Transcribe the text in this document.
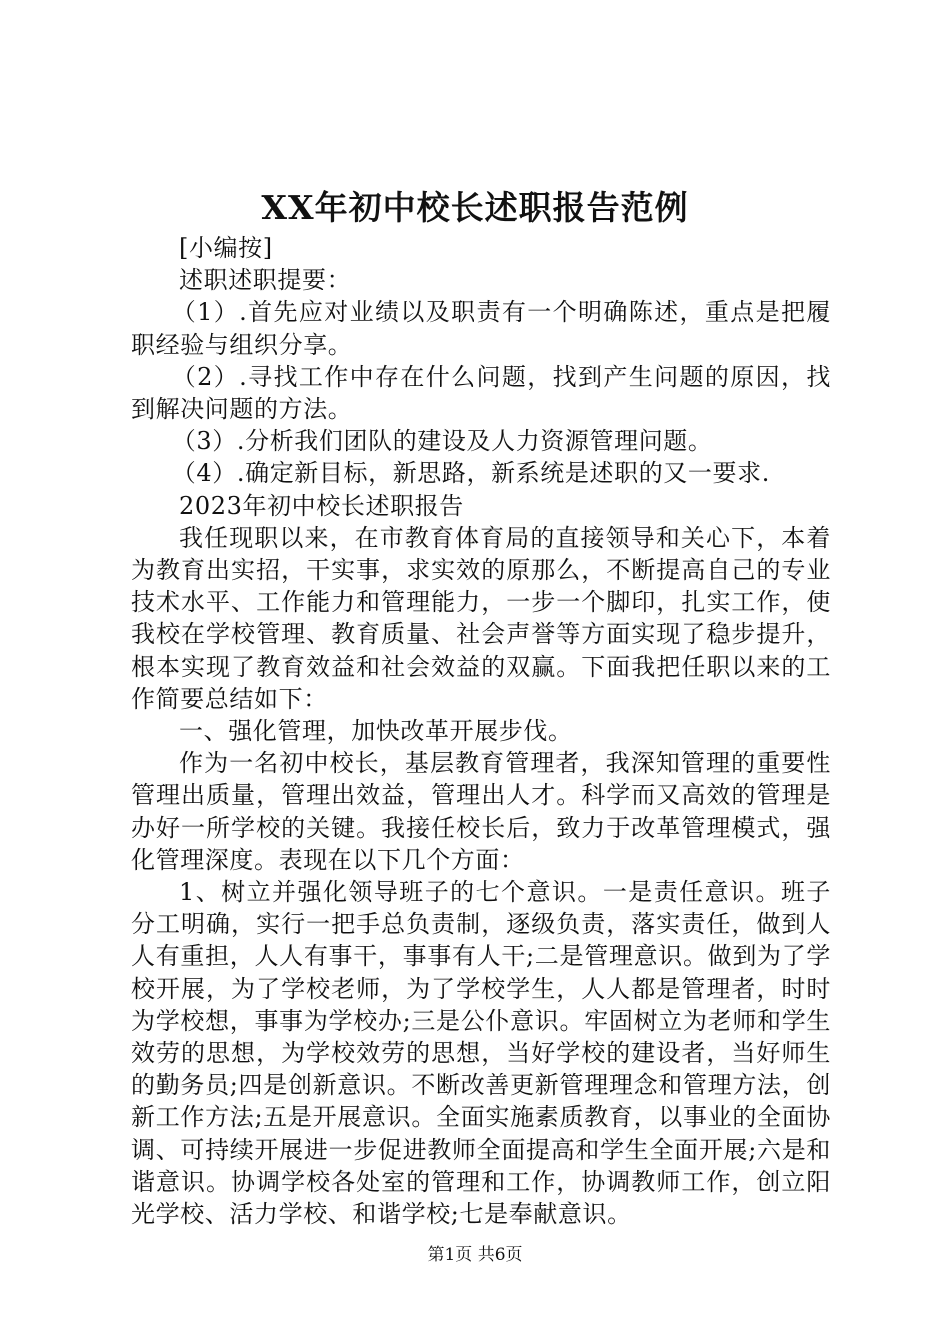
XX年初中校长述职报告范例

[小编按]

述职述职提要：

（1）.首先应对业绩以及职责有一个明确陈述，重点是把履职经验与组织分享。

（2）.寻找工作中存在什么问题，找到产生问题的原因，找到解决问题的方法。

（3）.分析我们团队的建设及人力资源管理问题。

（4）.确定新目标，新思路，新系统是述职的又一要求.

2023年初中校长述职报告

我任现职以来，在市教育体育局的直接领导和关心下，本着为教育出实招，干实事，求实效的原那么，不断提高自己的专业技术水平、工作能力和管理能力，一步一个脚印，扎实工作，使我校在学校管理、教育质量、社会声誉等方面实现了稳步提升，根本实现了教育效益和社会效益的双赢。下面我把任职以来的工作简要总结如下：

一、强化管理，加快改革开展步伐。

作为一名初中校长，基层教育管理者，我深知管理的重要性管理出质量，管理出效益，管理出人才。科学而又高效的管理是办好一所学校的关键。我接任校长后，致力于改革管理模式，强化管理深度。表现在以下几个方面：

1、树立并强化领导班子的七个意识。一是责任意识。班子分工明确，实行一把手总负责制，逐级负责，落实责任，做到人人有重担，人人有事干，事事有人干;二是管理意识。做到为了学校开展，为了学校老师，为了学校学生，人人都是管理者，时时为学校想，事事为学校办;三是公仆意识。牢固树立为老师和学生效劳的思想，为学校效劳的思想，当好学校的建设者，当好师生的勤务员;四是创新意识。不断改善更新管理理念和管理方法，创新工作方法;五是开展意识。全面实施素质教育，以事业的全面协调、可持续开展进一步促进教师全面提高和学生全面开展;六是和谐意识。协调学校各处室的管理和工作，协调教师工作，创立阳光学校、活力学校、和谐学校;七是奉献意识。

第1页 共6页
